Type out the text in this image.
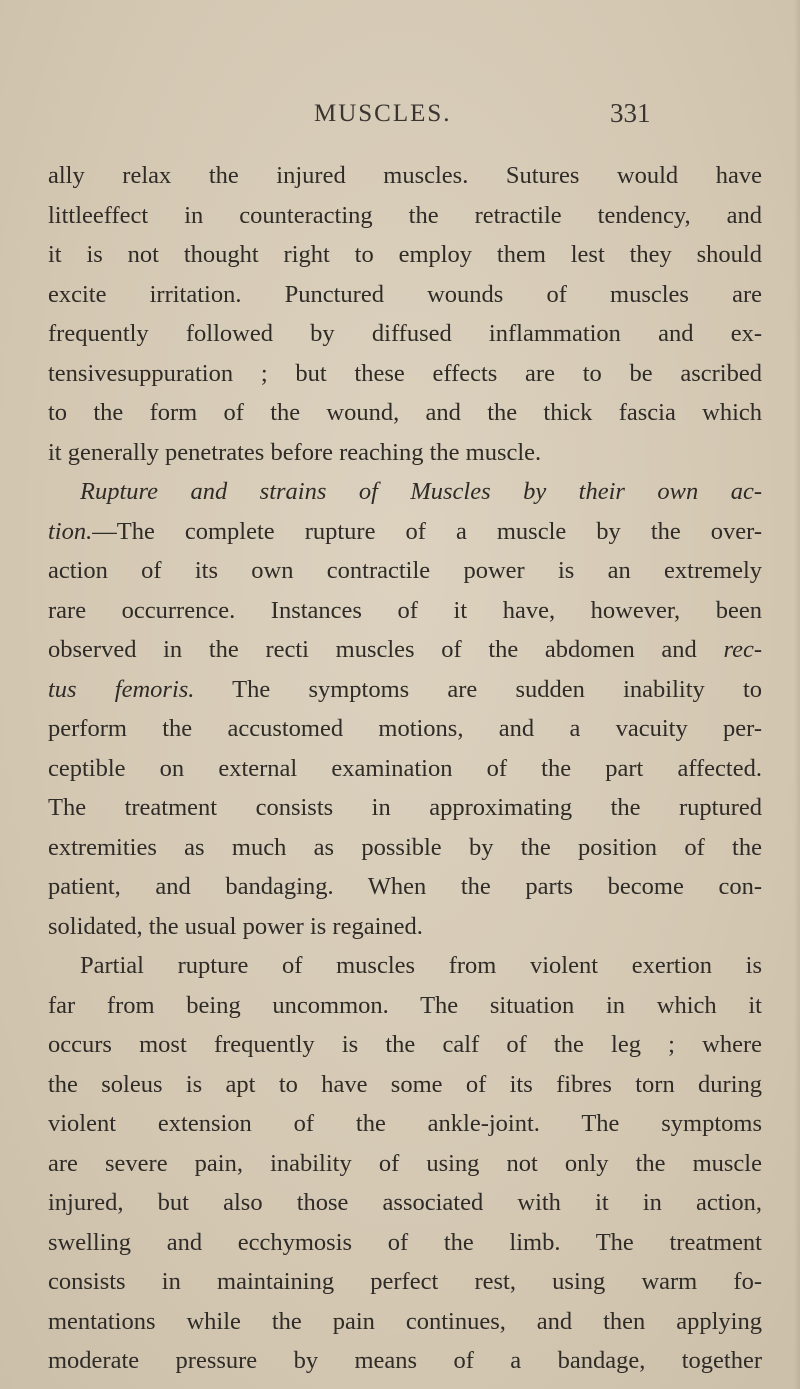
MUSCLES.	331
ally relax the injured muscles. Sutures would have
littleeffect in counteracting the retractile tendency, and
it is not thought right to employ them lest they should
excite irritation. Punctured wounds of muscles are
frequently followed by diffused inflammation and ex-
tensivesuppuration ; but these effects are to be ascribed
to the form of the wound, and the thick fascia which
it generally penetrates before reaching the muscle.
Rupture and strains of Muscles by their own ac-
tion.—The complete rupture of a muscle by the over-
action of its own contractile power is an extremely
rare occurrence. Instances of it have, however, been
observed in the recti muscles of the abdomen and rec-
tus femoris. The symptoms are sudden inability to
perform the accustomed motions, and a vacuity per-
ceptible on external examination of the part affected.
The treatment consists in approximating the ruptured
extremities as much as possible by the position of the
patient, and bandaging. When the parts become con-
solidated, the usual power is regained.
Partial rupture of muscles from violent exertion is
far from being uncommon. The situation in which it
occurs most frequently is the calf of the leg ; where
the soleus is apt to have some of its fibres torn during
violent extension of the ankle-joint. The symptoms
are severe pain, inability of using not only the muscle
injured, but also those associated with it in action,
swelling and ecchymosis of the limb. The treatment
consists in maintaining perfect rest, using warm fo-
mentations while the pain continues, and then applying
moderate pressure by means of a bandage, together
